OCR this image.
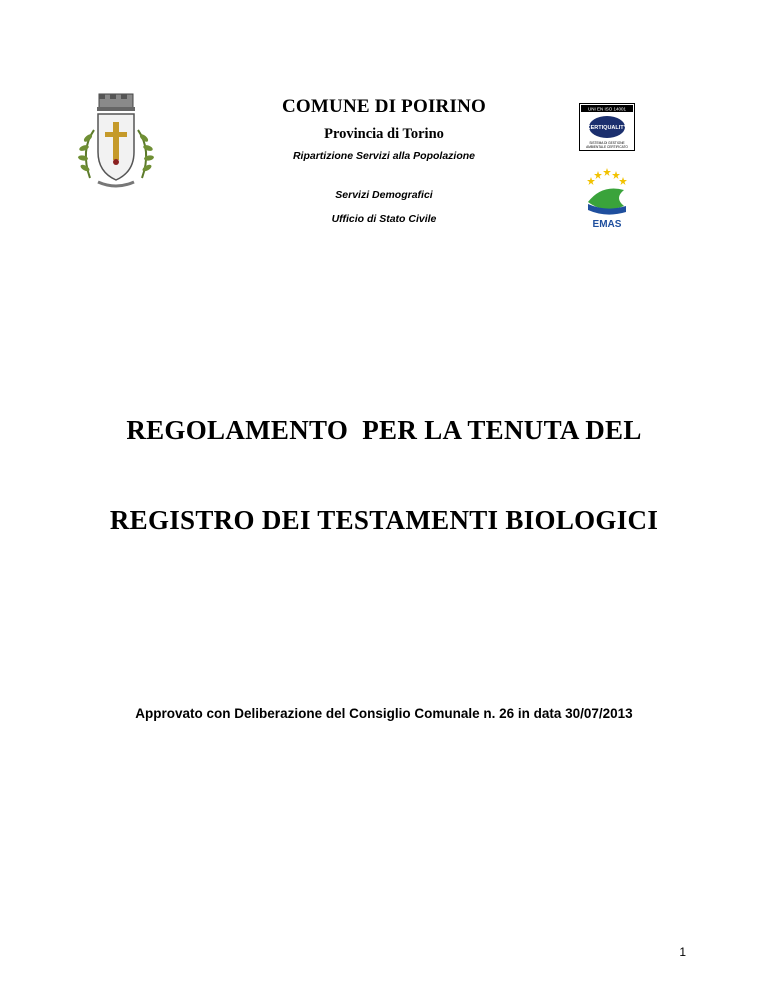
UNI EN ISO 14001
CERTIQUALITY
SISTEMA DI GESTIONE
AMBIENTALE CERTIFICATO
EMAS
COMUNE DI POIRINO
Provincia di Torino
Ripartizione Servizi alla Popolazione
Servizi Demografici
Ufficio di Stato Civile
REGOLAMENTO  PER LA TENUTA DEL
REGISTRO DEI TESTAMENTI BIOLOGICI
Approvato con Deliberazione del Consiglio Comunale n. 26 in data 30/07/2013
1
